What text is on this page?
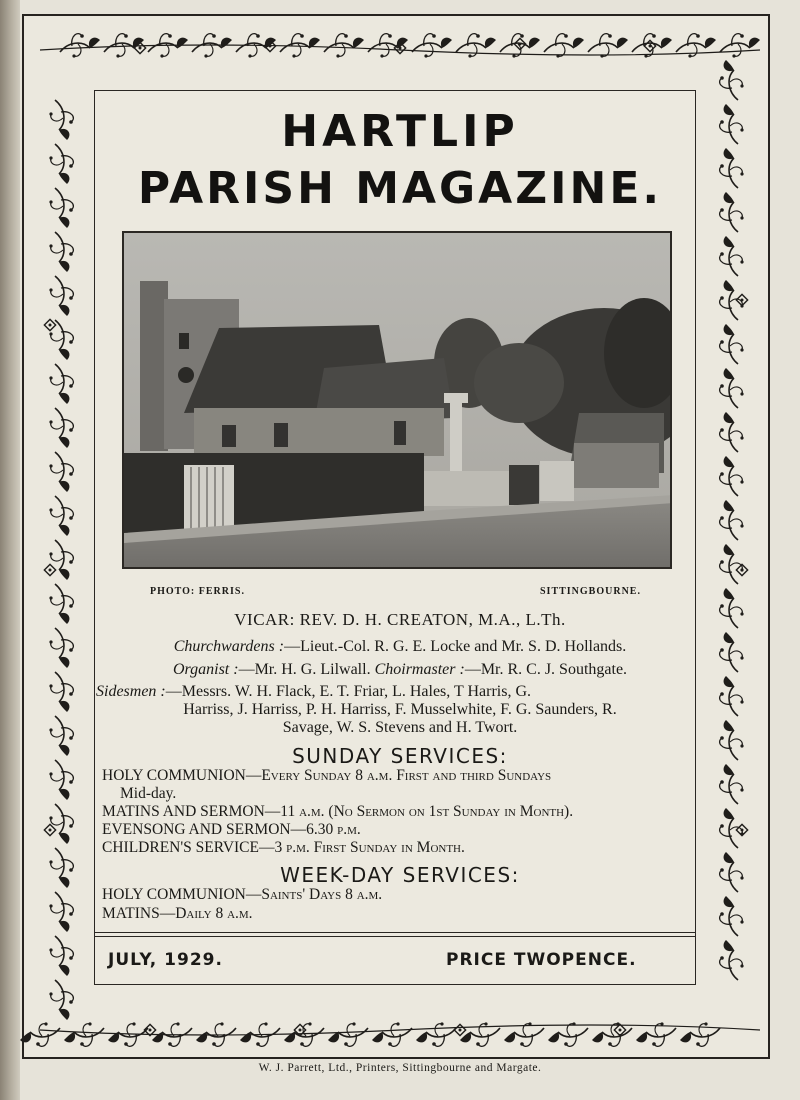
HARTLIP
PARISH MAGAZINE.
PHOTO: FERRIS.	SITTINGBOURNE.
VICAR: REV. D. H. CREATON, M.A., L.Th.
Churchwardens :—Lieut.-Col. R. G. E. Locke and Mr. S. D. Hollands.
Organist :—Mr. H. G. Lilwall. Choirmaster :—Mr. R. C. J. Southgate.
Sidesmen :—Messrs. W. H. Flack, E. T. Friar, L. Hales, T Harris, G.
Harriss, J. Harriss, P. H. Harriss, F. Musselwhite, F. G. Saunders, R.
Savage, W. S. Stevens and H. Twort.
SUNDAY SERVICES:
HOLY COMMUNION—Every Sunday 8 a.m. First and third Sundays
Mid-day.
MATINS AND SERMON—11 a.m. (No Sermon on 1st Sunday in Month).
EVENSONG AND SERMON—6.30 p.m.
CHILDREN'S SERVICE—3 p.m. First Sunday in Month.
WEEK-DAY SERVICES:
HOLY COMMUNION—Saints' Days 8 a.m.
MATINS—Daily 8 a.m.
JULY, 1929.	PRICE TWOPENCE.
W. J. Parrett, Ltd., Printers, Sittingbourne and Margate.
